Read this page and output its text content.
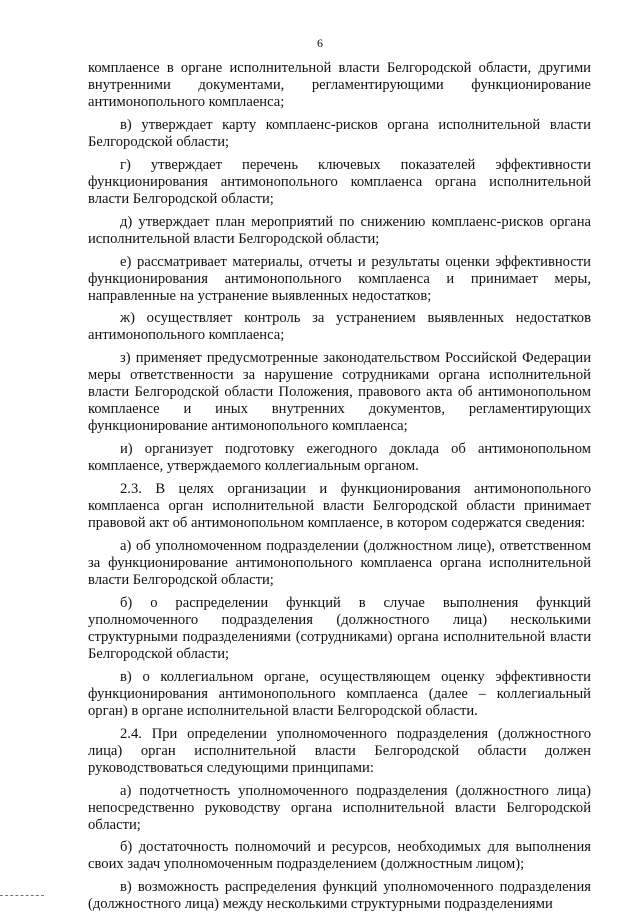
6

комплаенсе в органе исполнительной власти Белгородской области, другими внутренними документами, регламентирующими функционирование антимонопольного комплаенса;

в) утверждает карту комплаенс-рисков органа исполнительной власти Белгородской области;

г) утверждает перечень ключевых показателей эффективности функционирования антимонопольного комплаенса органа исполнительной власти Белгородской области;

д) утверждает план мероприятий по снижению комплаенс-рисков органа исполнительной власти Белгородской области;

е) рассматривает материалы, отчеты и результаты оценки эффективности функционирования антимонопольного комплаенса и принимает меры, направленные на устранение выявленных недостатков;

ж) осуществляет контроль за устранением выявленных недостатков антимонопольного комплаенса;

з) применяет предусмотренные законодательством Российской Федерации меры ответственности за нарушение сотрудниками органа исполнительной власти Белгородской области Положения, правового акта об антимонопольном комплаенсе и иных внутренних документов, регламентирующих функционирование антимонопольного комплаенса;

и) организует подготовку ежегодного доклада об антимонопольном комплаенсе, утверждаемого коллегиальным органом.

2.3. В целях организации и функционирования антимонопольного комплаенса орган исполнительной власти Белгородской области принимает правовой акт об антимонопольном комплаенсе, в котором содержатся сведения:

а) об уполномоченном подразделении (должностном лице), ответственном за функционирование антимонопольного комплаенса органа исполнительной власти Белгородской области;

б) о распределении функций в случае выполнения функций уполномоченного подразделения (должностного лица) несколькими структурными подразделениями (сотрудниками) органа исполнительной власти Белгородской области;

в) о коллегиальном органе, осуществляющем оценку эффективности функционирования антимонопольного комплаенса (далее – коллегиальный орган) в органе исполнительной власти Белгородской области.

2.4. При определении уполномоченного подразделения (должностного лица) орган исполнительной власти Белгородской области должен руководствоваться следующими принципами:

а) подотчетность уполномоченного подразделения (должностного лица) непосредственно руководству органа исполнительной власти Белгородской области;

б) достаточность полномочий и ресурсов, необходимых для выполнения своих задач уполномоченным подразделением (должностным лицом);

в) возможность распределения функций уполномоченного подразделения (должностного лица) между несколькими структурными подразделениями
